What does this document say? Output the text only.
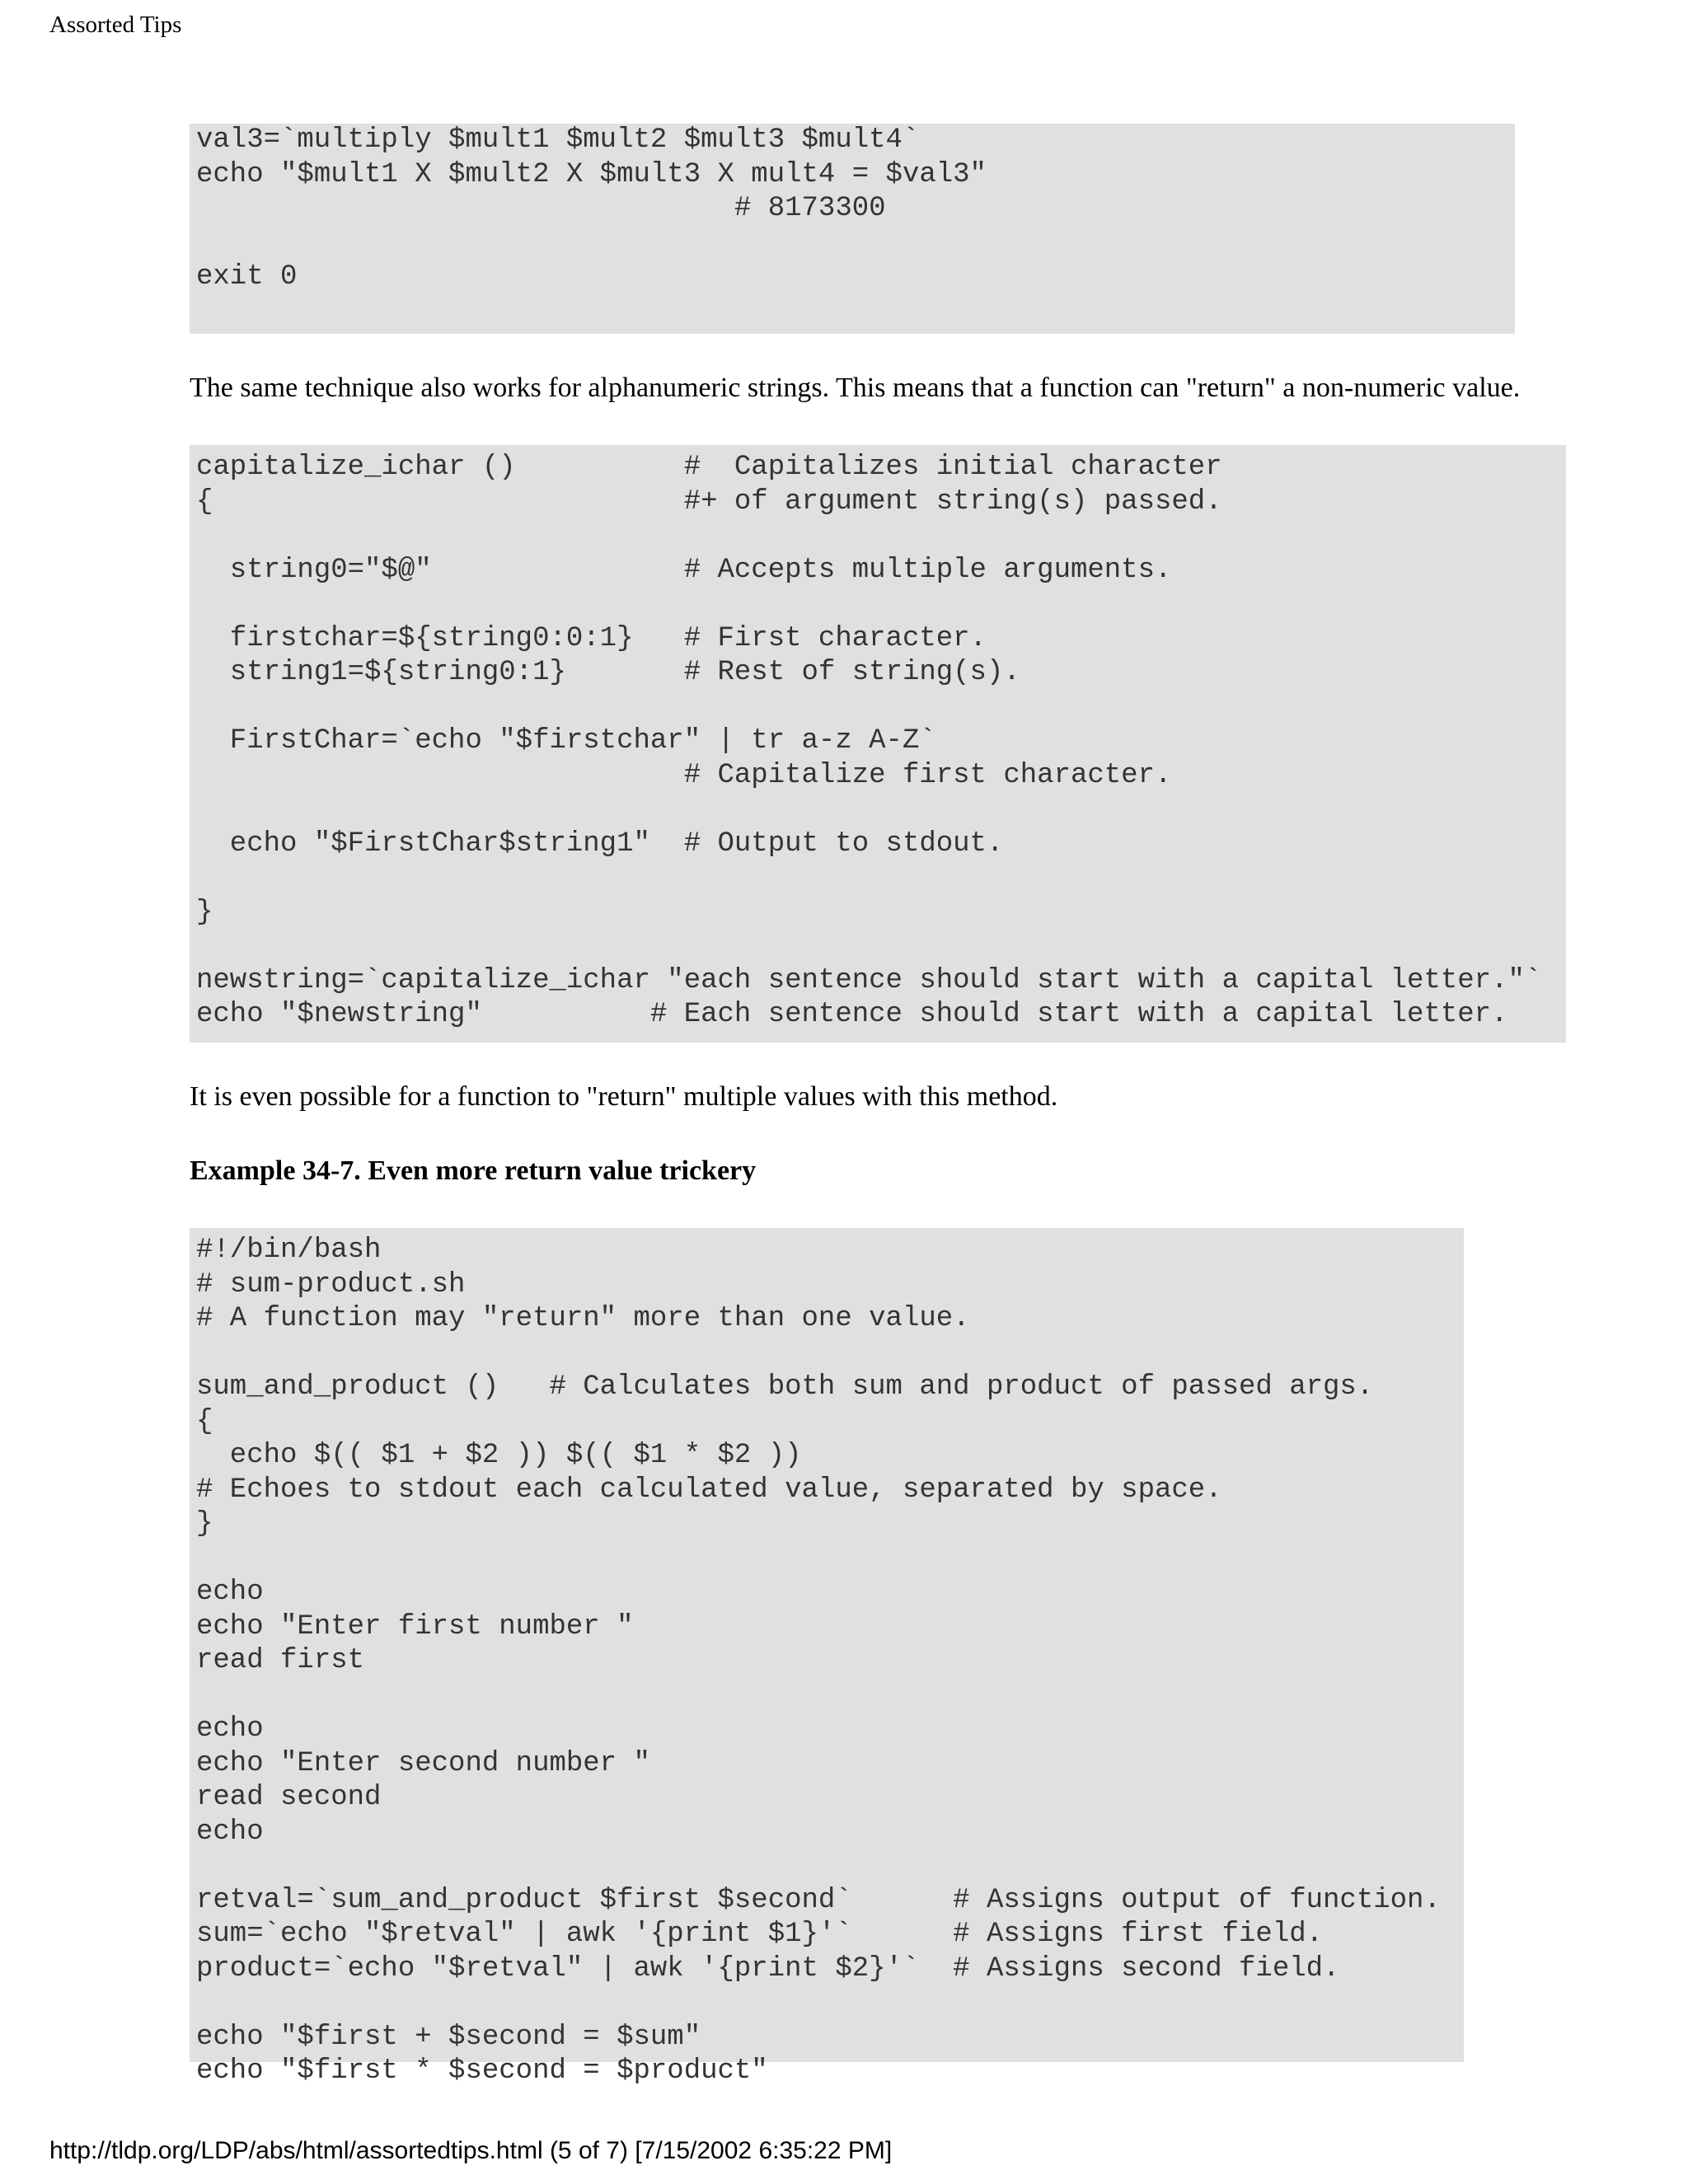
Assorted Tips
val3=`multiply $mult1 $mult2 $mult3 $mult4`
echo "$mult1 X $mult2 X $mult3 X mult4 = $val3"
# 8173300

exit 0

The same technique also works for alphanumeric strings. This means that a function can "return" a non-numeric value.

capitalize_ichar ()          #  Capitalizes initial character
{                            #+ of argument string(s) passed.

string0="$@"               # Accepts multiple arguments.

firstchar=${string0:0:1}   # First character.
string1=${string0:1}       # Rest of string(s).

FirstChar=`echo "$firstchar" | tr a-z A-Z`
# Capitalize first character.

echo "$FirstChar$string1"  # Output to stdout.

}

newstring=`capitalize_ichar "each sentence should start with a capital letter."`
echo "$newstring"          # Each sentence should start with a capital letter.

It is even possible for a function to "return" multiple values with this method.

Example 34-7. Even more return value trickery

#!/bin/bash
# sum-product.sh
# A function may "return" more than one value.

sum_and_product ()   # Calculates both sum and product of passed args.
{
echo $(( $1 + $2 )) $(( $1 * $2 ))
# Echoes to stdout each calculated value, separated by space.
}

echo
echo "Enter first number "
read first

echo
echo "Enter second number "
read second
echo

retval=`sum_and_product $first $second`      # Assigns output of function.
sum=`echo "$retval" | awk '{print $1}'`      # Assigns first field.
product=`echo "$retval" | awk '{print $2}'`  # Assigns second field.

echo "$first + $second = $sum"
echo "$first * $second = $product"
http://tldp.org/LDP/abs/html/assortedtips.html (5 of 7) [7/15/2002 6:35:22 PM]
